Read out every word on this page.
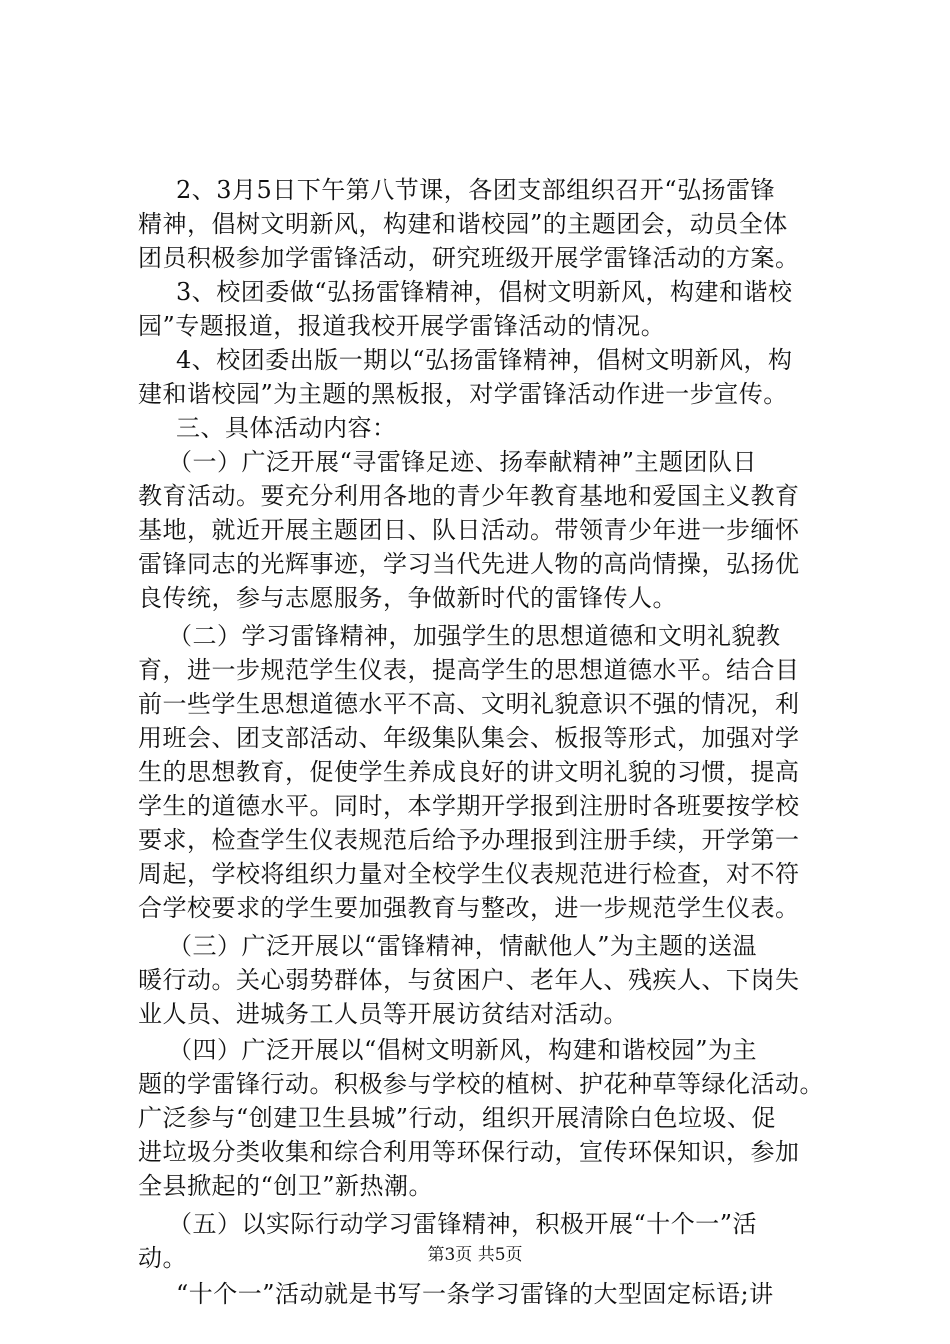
2、3月5日下午第八节课，各团支部组织召开“弘扬雷锋
精神，倡树文明新风，构建和谐校园”的主题团会，动员全体
团员积极参加学雷锋活动，研究班级开展学雷锋活动的方案。
3、校团委做“弘扬雷锋精神，倡树文明新风，构建和谐校
园”专题报道，报道我校开展学雷锋活动的情况。
4、校团委出版一期以“弘扬雷锋精神，倡树文明新风，构
建和谐校园”为主题的黑板报，对学雷锋活动作进一步宣传。
三、具体活动内容：
（一）广泛开展“寻雷锋足迹、扬奉献精神”主题团队日
教育活动。要充分利用各地的青少年教育基地和爱国主义教育
基地，就近开展主题团日、队日活动。带领青少年进一步缅怀
雷锋同志的光辉事迹，学习当代先进人物的高尚情操，弘扬优
良传统，参与志愿服务，争做新时代的雷锋传人。
（二）学习雷锋精神，加强学生的思想道德和文明礼貌教
育，进一步规范学生仪表，提高学生的思想道德水平。结合目
前一些学生思想道德水平不高、文明礼貌意识不强的情况，利
用班会、团支部活动、年级集队集会、板报等形式，加强对学
生的思想教育，促使学生养成良好的讲文明礼貌的习惯，提高
学生的道德水平。同时，本学期开学报到注册时各班要按学校
要求，检查学生仪表规范后给予办理报到注册手续，开学第一
周起，学校将组织力量对全校学生仪表规范进行检查，对不符
合学校要求的学生要加强教育与整改，进一步规范学生仪表。
（三）广泛开展以“雷锋精神，情献他人”为主题的送温
暖行动。关心弱势群体，与贫困户、老年人、残疾人、下岗失
业人员、进城务工人员等开展访贫结对活动。
（四）广泛开展以“倡树文明新风，构建和谐校园”为主
题的学雷锋行动。积极参与学校的植树、护花种草等绿化活动。
广泛参与“创建卫生县城”行动，组织开展清除白色垃圾、促
进垃圾分类收集和综合利用等环保行动，宣传环保知识，参加
全县掀起的“创卫”新热潮。
（五）以实际行动学习雷锋精神，积极开展“十个一”活
动。
“十个一”活动就是书写一条学习雷锋的大型固定标语;讲
第3页 共5页
